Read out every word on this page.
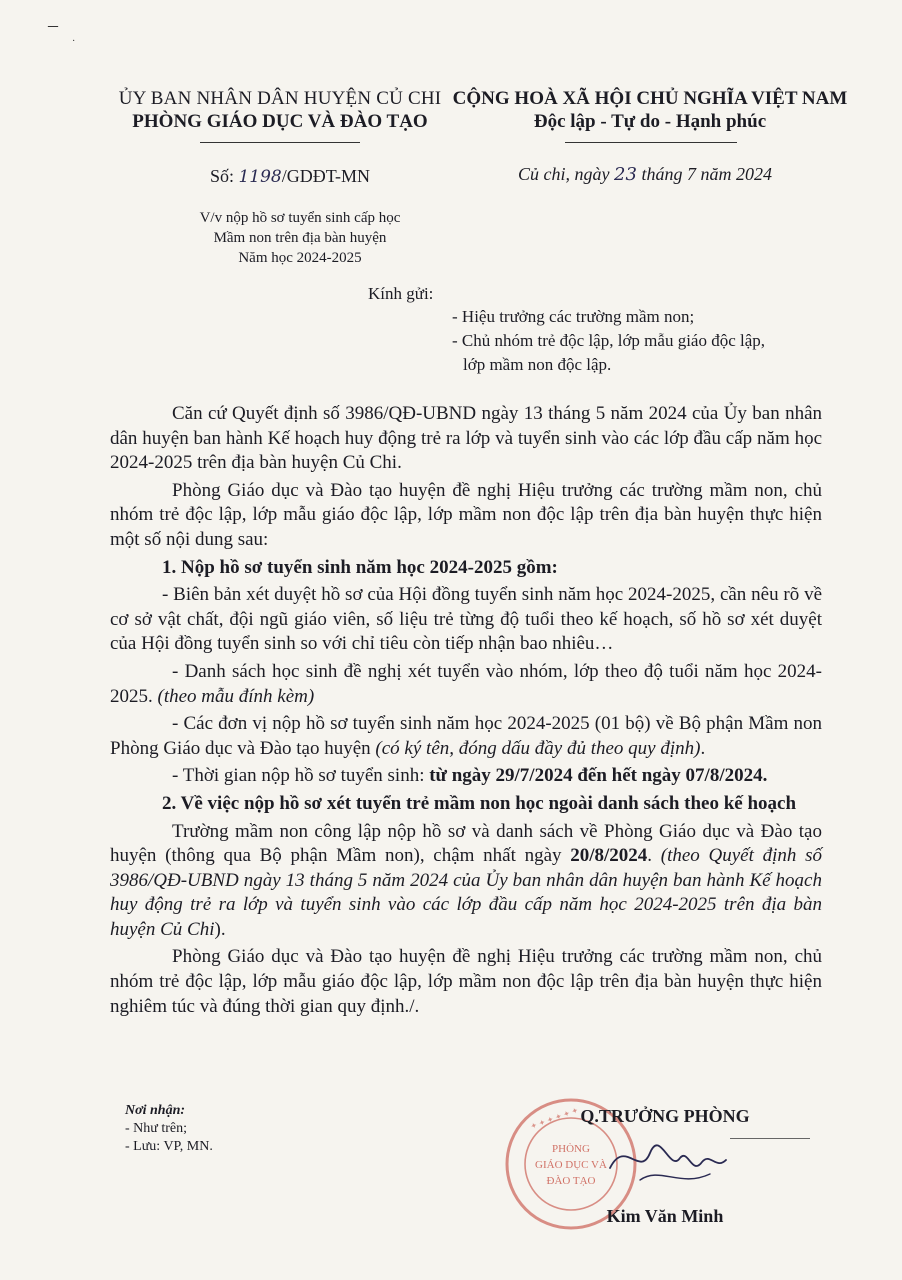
–
·
ỦY BAN NHÂN DÂN HUYỆN CỦ CHI
PHÒNG GIÁO DỤC VÀ ĐÀO TẠO
CỘNG HOÀ XÃ HỘI CHỦ NGHĨA VIỆT NAM
Độc lập - Tự do - Hạnh phúc
Số: 1198/GDĐT-MN	Củ chi, ngày 23 tháng 7 năm 2024
V/v nộp hồ sơ tuyển sinh cấp học
Mầm non trên địa bàn huyện
Năm học 2024-2025
Kính gửi:
- Hiệu trưởng các trường mầm non;
- Chủ nhóm trẻ độc lập, lớp mẫu giáo độc lập,
lớp mầm non độc lập.

Căn cứ Quyết định số 3986/QĐ-UBND ngày 13 tháng 5 năm 2024 của Ủy ban nhân dân huyện ban hành Kế hoạch huy động trẻ ra lớp và tuyển sinh vào các lớp đầu cấp năm học 2024-2025 trên địa bàn huyện Củ Chi.

Phòng Giáo dục và Đào tạo huyện đề nghị Hiệu trưởng các trường mầm non, chủ nhóm trẻ độc lập, lớp mẫu giáo độc lập, lớp mầm non độc lập trên địa bàn huyện thực hiện một số nội dung sau:

1. Nộp hồ sơ tuyển sinh năm học 2024-2025 gồm:

- Biên bản xét duyệt hồ sơ của Hội đồng tuyển sinh năm học 2024-2025, cần nêu rõ về cơ sở vật chất, đội ngũ giáo viên, số liệu trẻ từng độ tuổi theo kế hoạch, số hồ sơ xét duyệt của Hội đồng tuyển sinh so với chỉ tiêu còn tiếp nhận bao nhiêu…

- Danh sách học sinh đề nghị xét tuyển vào nhóm, lớp theo độ tuổi năm học 2024-2025. (theo mẫu đính kèm)

- Các đơn vị nộp hồ sơ tuyển sinh năm học 2024-2025 (01 bộ) về Bộ phận Mầm non Phòng Giáo dục và Đào tạo huyện (có ký tên, đóng dấu đầy đủ theo quy định).

- Thời gian nộp hồ sơ tuyển sinh: từ ngày 29/7/2024 đến hết ngày 07/8/2024.

2. Về việc nộp hồ sơ xét tuyển trẻ mầm non học ngoài danh sách theo kế hoạch

Trường mầm non công lập nộp hồ sơ và danh sách về Phòng Giáo dục và Đào tạo huyện (thông qua Bộ phận Mầm non), chậm nhất ngày 20/8/2024. (theo Quyết định số 3986/QĐ-UBND ngày 13 tháng 5 năm 2024 của Ủy ban nhân dân huyện ban hành Kế hoạch huy động trẻ ra lớp và tuyển sinh vào các lớp đầu cấp năm học 2024-2025 trên địa bàn huyện Củ Chi).

Phòng Giáo dục và Đào tạo huyện đề nghị Hiệu trưởng các trường mầm non, chủ nhóm trẻ độc lập, lớp mẫu giáo độc lập, lớp mầm non độc lập trên địa bàn huyện thực hiện nghiêm túc và đúng thời gian quy định./.

Nơi nhận:
- Như trên;
- Lưu: VP, MN.	PHÒNG
GIÁO DỤC VÀ
ĐÀO TẠO
✦ ✦ ✦ ✦ ✦ ✦ Q.TRƯỞNG PHÒNG
Kim Văn Minh
